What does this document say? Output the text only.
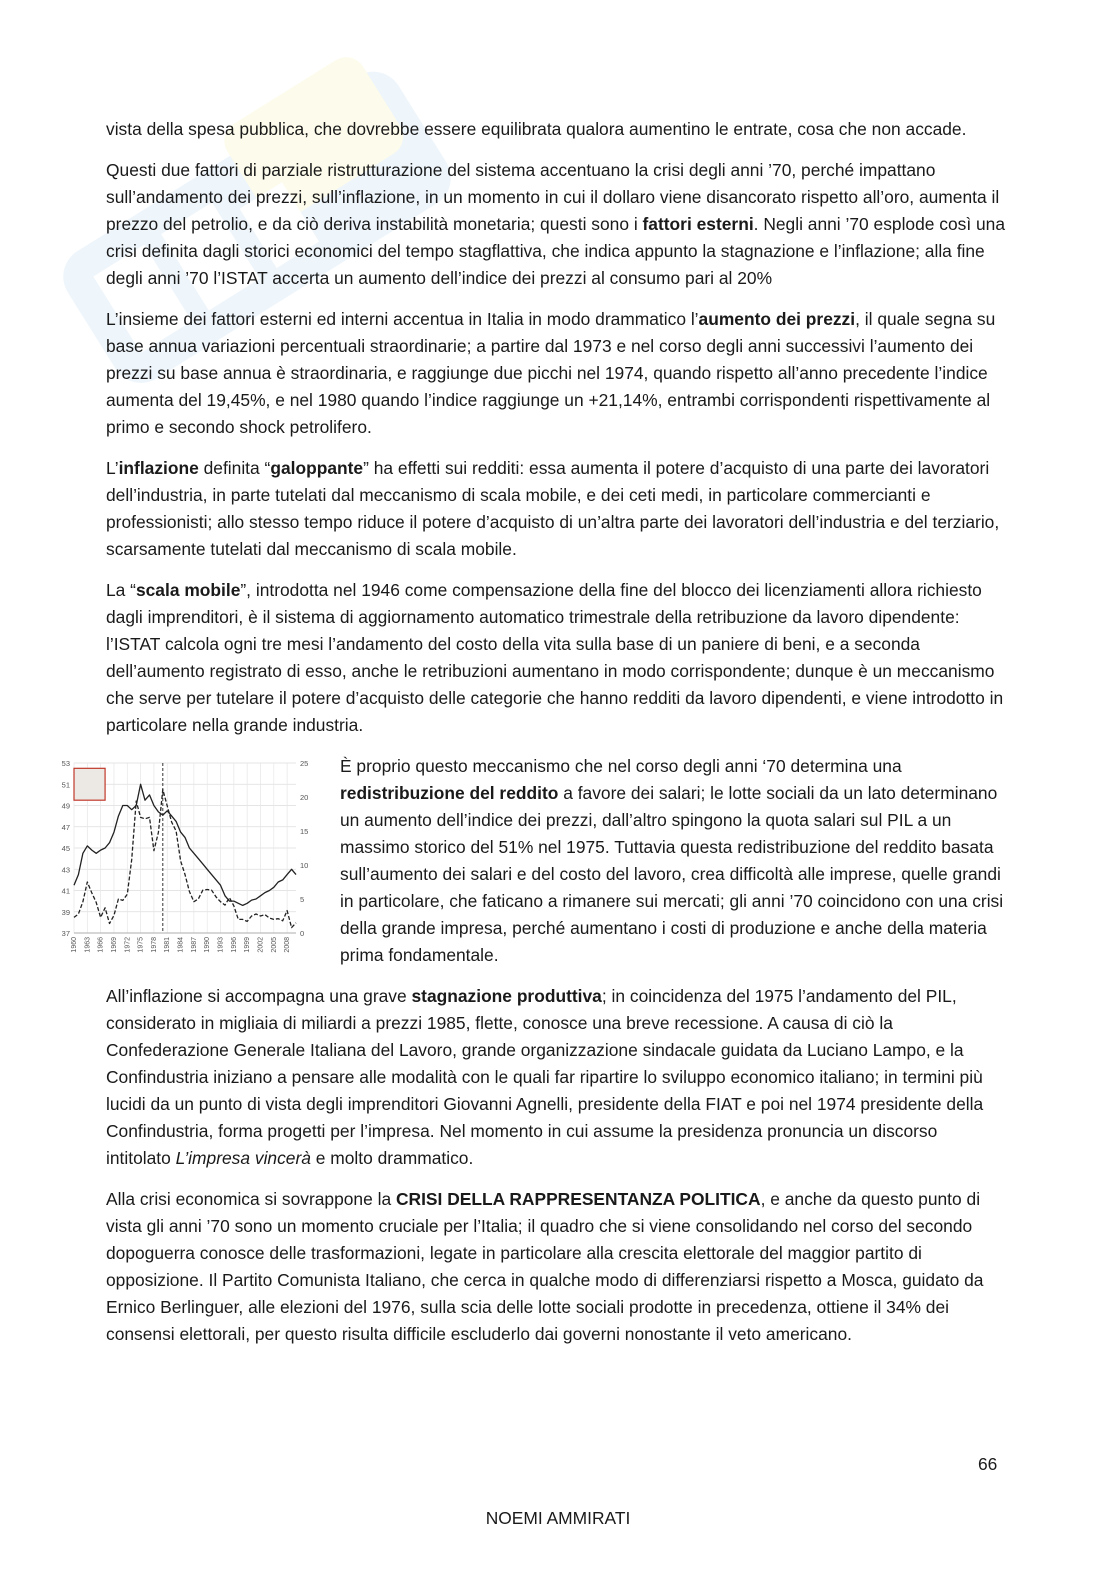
vista della spesa pubblica, che dovrebbe essere equilibrata qualora aumentino le entrate, cosa che non accade.

Questi due fattori di parziale ristrutturazione del sistema accentuano la crisi degli anni ’70, perché impattano sull’andamento dei prezzi, sull’inflazione, in un momento in cui il dollaro viene disancorato rispetto all’oro, aumenta il prezzo del petrolio, e da ciò deriva instabilità monetaria; questi sono i fattori esterni. Negli anni ’70 esplode così una crisi definita dagli storici economici del tempo stagflattiva, che indica appunto la stagnazione e l’inflazione; alla fine degli anni ’70 l’ISTAT accerta un aumento dell’indice dei prezzi al consumo pari al 20%

L’insieme dei fattori esterni ed interni accentua in Italia in modo drammatico l’aumento dei prezzi, il quale segna su base annua variazioni percentuali straordinarie; a partire dal 1973 e nel corso degli anni successivi l’aumento dei prezzi su base annua è straordinaria, e raggiunge due picchi nel 1974, quando rispetto all’anno precedente l’indice aumenta del 19,45%, e nel 1980 quando l’indice raggiunge un +21,14%, entrambi corrispondenti rispettivamente al primo e secondo shock petrolifero.

L’inflazione definita “galoppante” ha effetti sui redditi: essa aumenta il potere d’acquisto di una parte dei lavoratori dell’industria, in parte tutelati dal meccanismo di scala mobile, e dei ceti medi, in particolare commercianti e professionisti; allo stesso tempo riduce il potere d’acquisto di un’altra parte dei lavoratori dell’industria e del terziario, scarsamente tutelati dal meccanismo di scala mobile.

La “scala mobile”, introdotta nel 1946 come compensazione della fine del blocco dei licenziamenti allora richiesto dagli imprenditori, è il sistema di aggiornamento automatico trimestrale della retribuzione da lavoro dipendente: l’ISTAT calcola ogni tre mesi l’andamento del costo della vita sulla base di un paniere di beni, e a seconda dell’aumento registrato di esso, anche le retribuzioni aumentano in modo corrispondente; dunque è un meccanismo che serve per tutelare il potere d’acquisto delle categorie che hanno redditi da lavoro dipendenti, e viene introdotto in particolare nella grande industria.

53
51
49
47
45
43
41
39
37
25
20
15
10
5
0
1960 1963 1966 1969 1972 1975 1978 1981 1984 1987 1990 1993 1996 1999 2002 2005 2008

È proprio questo meccanismo che nel corso degli anni ‘70 determina una redistribuzione del reddito a favore dei salari; le lotte sociali da un lato determinano un aumento dell’indice dei prezzi, dall’altro spingono la quota salari sul PIL a un massimo storico del 51% nel 1975. Tuttavia questa redistribuzione del reddito basata sull’aumento dei salari e del costo del lavoro, crea difficoltà alle imprese, quelle grandi in particolare, che faticano a rimanere sui mercati; gli anni ’70 coincidono con una crisi della grande impresa, perché aumentano i costi di produzione e anche della materia prima fondamentale.

All’inflazione si accompagna una grave stagnazione produttiva; in coincidenza del 1975 l’andamento del PIL, considerato in migliaia di miliardi a prezzi 1985, flette, conosce una breve recessione. A causa di ciò la Confederazione Generale Italiana del Lavoro, grande organizzazione sindacale guidata da Luciano Lampo, e la Confindustria iniziano a pensare alle modalità con le quali far ripartire lo sviluppo economico italiano; in termini più lucidi da un punto di vista degli imprenditori Giovanni Agnelli, presidente della FIAT e poi nel 1974 presidente della Confindustria, forma progetti per l’impresa. Nel momento in cui assume la presidenza pronuncia un discorso intitolato L’impresa vincerà e molto drammatico.

Alla crisi economica si sovrappone la CRISI DELLA RAPPRESENTANZA POLITICA, e anche da questo punto di vista gli anni ’70 sono un momento cruciale per l’Italia; il quadro che si viene consolidando nel corso del secondo dopoguerra conosce delle trasformazioni, legate in particolare alla crescita elettorale del maggior partito di opposizione. Il Partito Comunista Italiano, che cerca in qualche modo di differenziarsi rispetto a Mosca, guidato da Ernico Berlinguer, alle elezioni del 1976, sulla scia delle lotte sociali prodotte in precedenza, ottiene il 34% dei consensi elettorali, per questo risulta difficile escluderlo dai governi nonostante il veto americano.

66
NOEMI AMMIRATI
